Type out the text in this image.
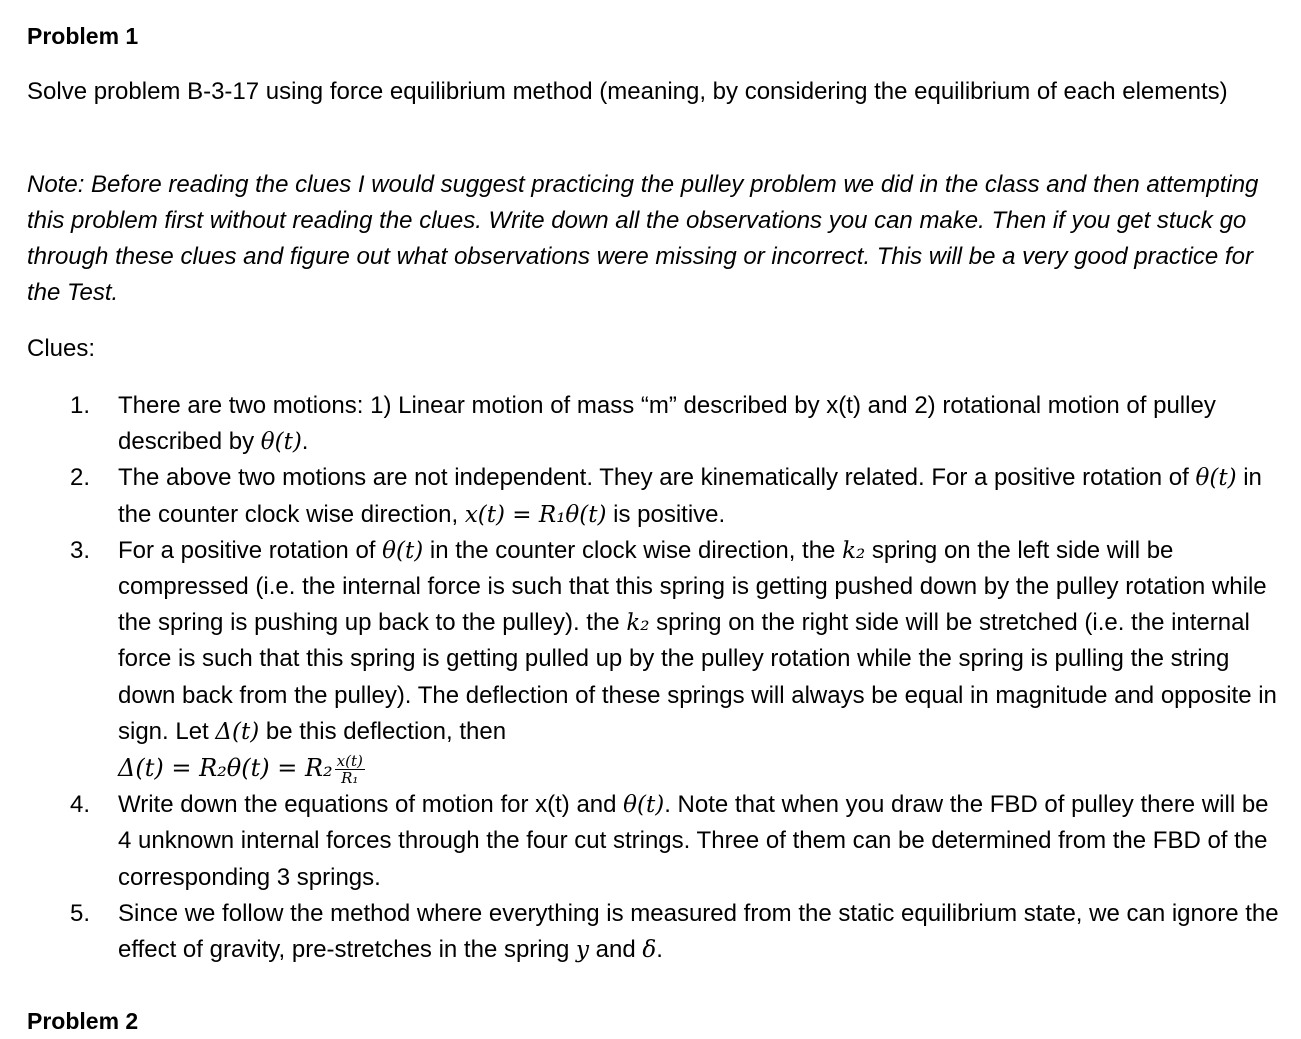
Problem 1
Solve problem B-3-17 using force equilibrium method (meaning, by considering the equilibrium of each elements)
Note: Before reading the clues I would suggest practicing the pulley problem we did in the class and then attempting this problem first without reading the clues. Write down all the observations you can make. Then if you get stuck go through these clues and figure out what observations were missing or incorrect. This will be a very good practice for the Test.
Clues:
1. There are two motions: 1) Linear motion of mass “m” described by x(t) and 2) rotational motion of pulley described by θ(t).
2. The above two motions are not independent. They are kinematically related. For a positive rotation of θ(t) in the counter clock wise direction, x(t) = R₁θ(t) is positive.
3. For a positive rotation of θ(t) in the counter clock wise direction, the k₂ spring on the left side will be compressed (i.e. the internal force is such that this spring is getting pushed down by the pulley rotation while the spring is pushing up back to the pulley). the k₂ spring on the right side will be stretched (i.e. the internal force is such that this spring is getting pulled up by the pulley rotation while the spring is pulling the string down back from the pulley). The deflection of these springs will always be equal in magnitude and opposite in sign. Let Δ(t) be this deflection, then
$\Delta(t) = R_2\theta(t) = R_2 \frac{x(t)}{\text{R₁}}$
4. Write down the equations of motion for x(t) and θ(t). Note that when you draw the FBD of pulley there will be 4 unknown internal forces through the four cut strings. Three of them can be determined from the FBD of the corresponding 3 springs.
5. Since we follow the method where everything is measured from the static equilibrium state, we can ignore the effect of gravity, pre-stretches in the spring y and δ.
Problem 2
